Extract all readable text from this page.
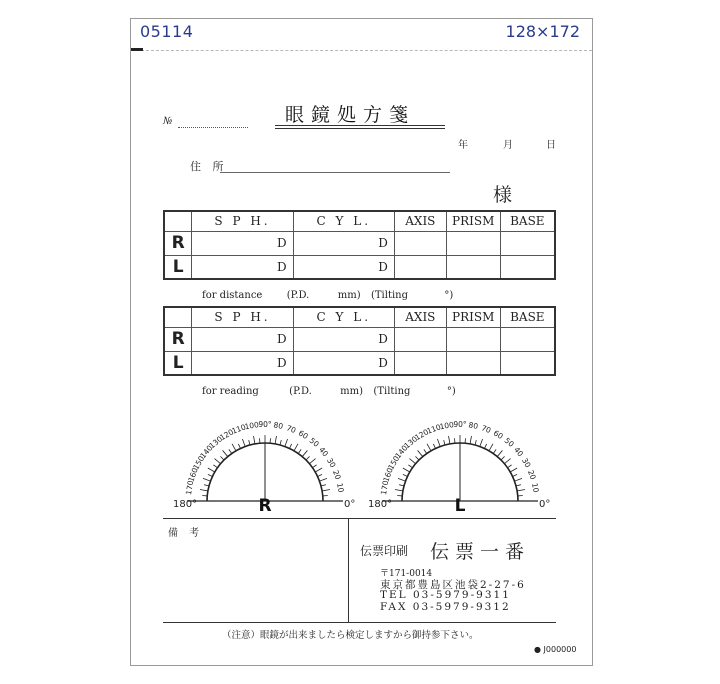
05114	128×172
№	眼鏡処方箋
年	月	日
住 所
様
	S P H.	C Y L.	AXIS	PRISM	BASE
R	D	D			
L	D	D			
for distance (P.D.	mm) (Tilting	°)
	S P H.	C Y L.	AXIS	PRISM	BASE
R	D	D			
L	D	D			
for reading	(P.D.	mm) (Tilting	°)
170
160
150
140
130
120
110
100
90° 80 70 60
50
40
30
20
10
180°	0°
R
170
160
150
140
130
120
110
100
90° 80 70 60
50
40
30
20
10
180°	0°
L
備 考
伝票印刷 伝票一番
〒171-0014
東京都豊島区池袋2-27-6
TEL 03-5979-9311
FAX 03-5979-9312
（注意）眼鏡が出来ましたら検定しますから御持参下さい。
● J000000
